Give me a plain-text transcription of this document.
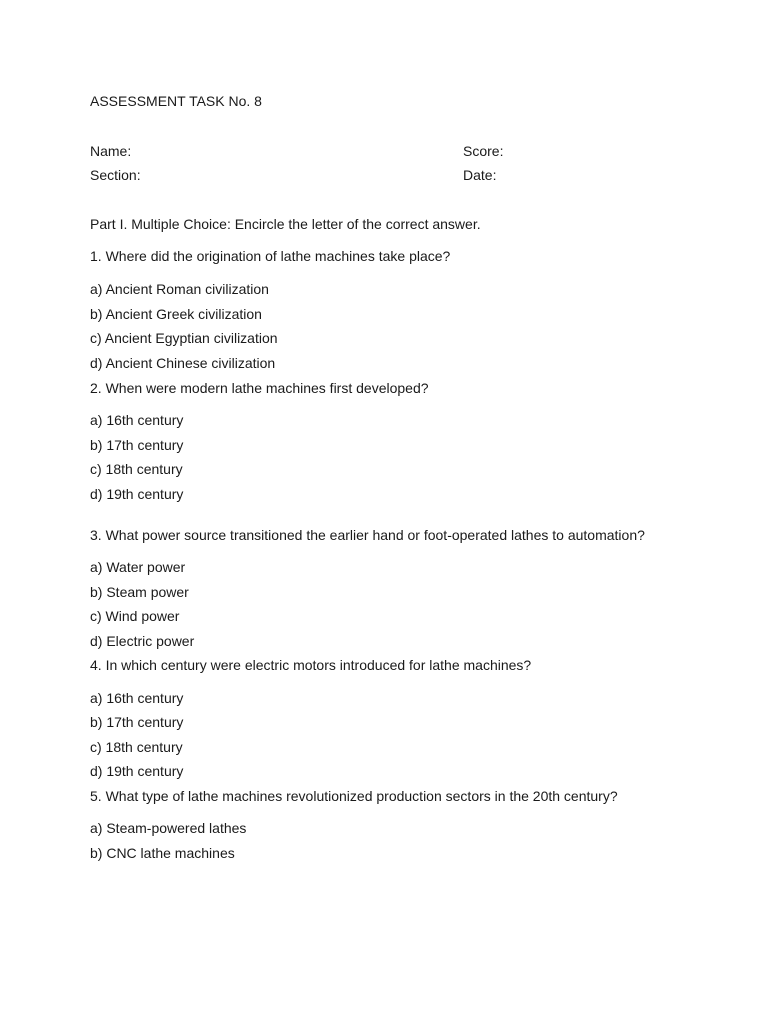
ASSESSMENT TASK No. 8
Name:	Score:
Section:	Date:
Part I. Multiple Choice: Encircle the letter of the correct answer.
1. Where did the origination of lathe machines take place?
a) Ancient Roman civilization
b) Ancient Greek civilization
c) Ancient Egyptian civilization
d) Ancient Chinese civilization
2. When were modern lathe machines first developed?
a) 16th century
b) 17th century
c) 18th century
d) 19th century
3. What power source transitioned the earlier hand or foot-operated lathes to automation?
a) Water power
b) Steam power
c) Wind power
d) Electric power
4. In which century were electric motors introduced for lathe machines?
a) 16th century
b) 17th century
c) 18th century
d) 19th century
5. What type of lathe machines revolutionized production sectors in the 20th century?
a) Steam-powered lathes
b) CNC lathe machines
